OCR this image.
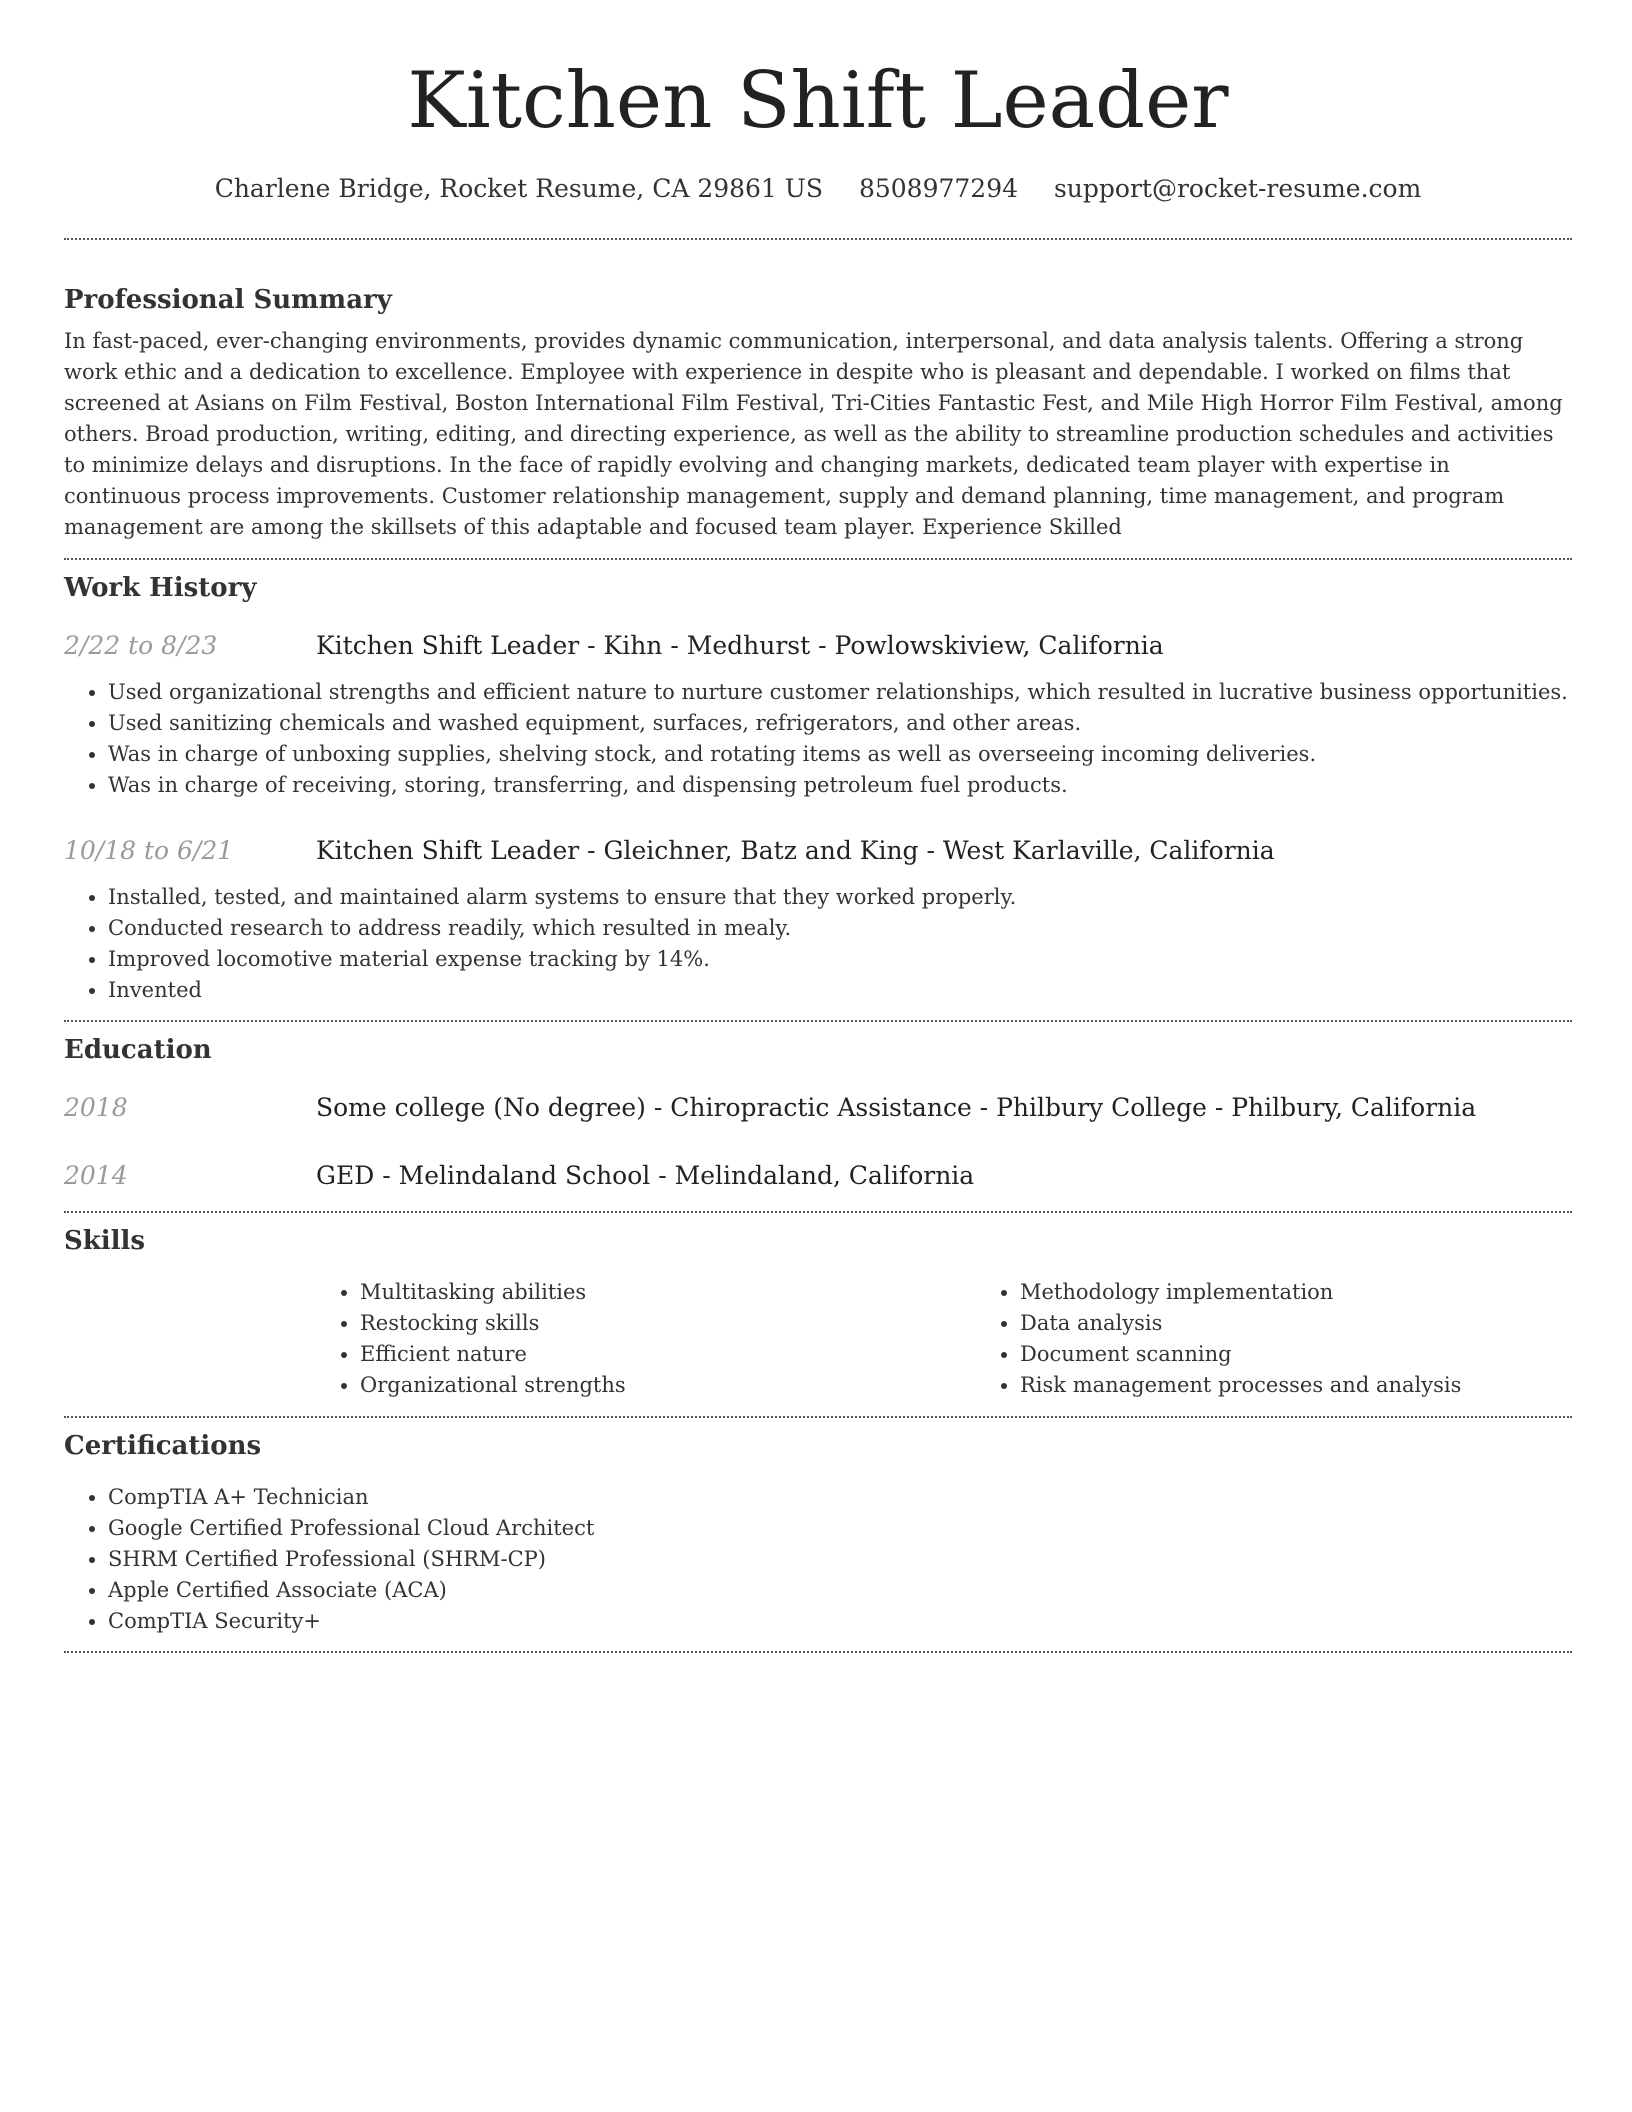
Kitchen Shift Leader
Charlene Bridge, Rocket Resume, CA 29861 US 8508977294 support@rocket-resume.com
Professional Summary

In fast-paced, ever-changing environments, provides dynamic communication, interpersonal, and data analysis talents. Offering a strong work ethic and a dedication to excellence. Employee with experience in despite who is pleasant and dependable. I worked on films that screened at Asians on Film Festival, Boston International Film Festival, Tri-Cities Fantastic Fest, and Mile High Horror Film Festival, among others. Broad production, writing, editing, and directing experience, as well as the ability to streamline production schedules and activities to minimize delays and disruptions. In the face of rapidly evolving and changing markets, dedicated team player with expertise in continuous process improvements. Customer relationship management, supply and demand planning, time management, and program management are among the skillsets of this adaptable and focused team player. Experience Skilled

Work History
2/22 to 8/23	Kitchen Shift Leader - Kihn - Medhurst - Powlowskiview, California
• Used organizational strengths and efficient nature to nurture customer relationships, which resulted in lucrative business opportunities.
• Used sanitizing chemicals and washed equipment, surfaces, refrigerators, and other areas.
• Was in charge of unboxing supplies, shelving stock, and rotating items as well as overseeing incoming deliveries.
• Was in charge of receiving, storing, transferring, and dispensing petroleum fuel products.
10/18 to 6/21	Kitchen Shift Leader - Gleichner, Batz and King - West Karlaville, California
• Installed, tested, and maintained alarm systems to ensure that they worked properly.
• Conducted research to address readily, which resulted in mealy.
• Improved locomotive material expense tracking by 14%.
• Invented
Education
2018	Some college (No degree) - Chiropractic Assistance - Philbury College - Philbury, California
2014	GED - Melindaland School - Melindaland, California
Skills
• Multitasking abilities
• Restocking skills
• Efficient nature
• Organizational strengths
• Methodology implementation
• Data analysis
• Document scanning
• Risk management processes and analysis
Certifications
• CompTIA A+ Technician
• Google Certified Professional Cloud Architect
• SHRM Certified Professional (SHRM-CP)
• Apple Certified Associate (ACA)
• CompTIA Security+
